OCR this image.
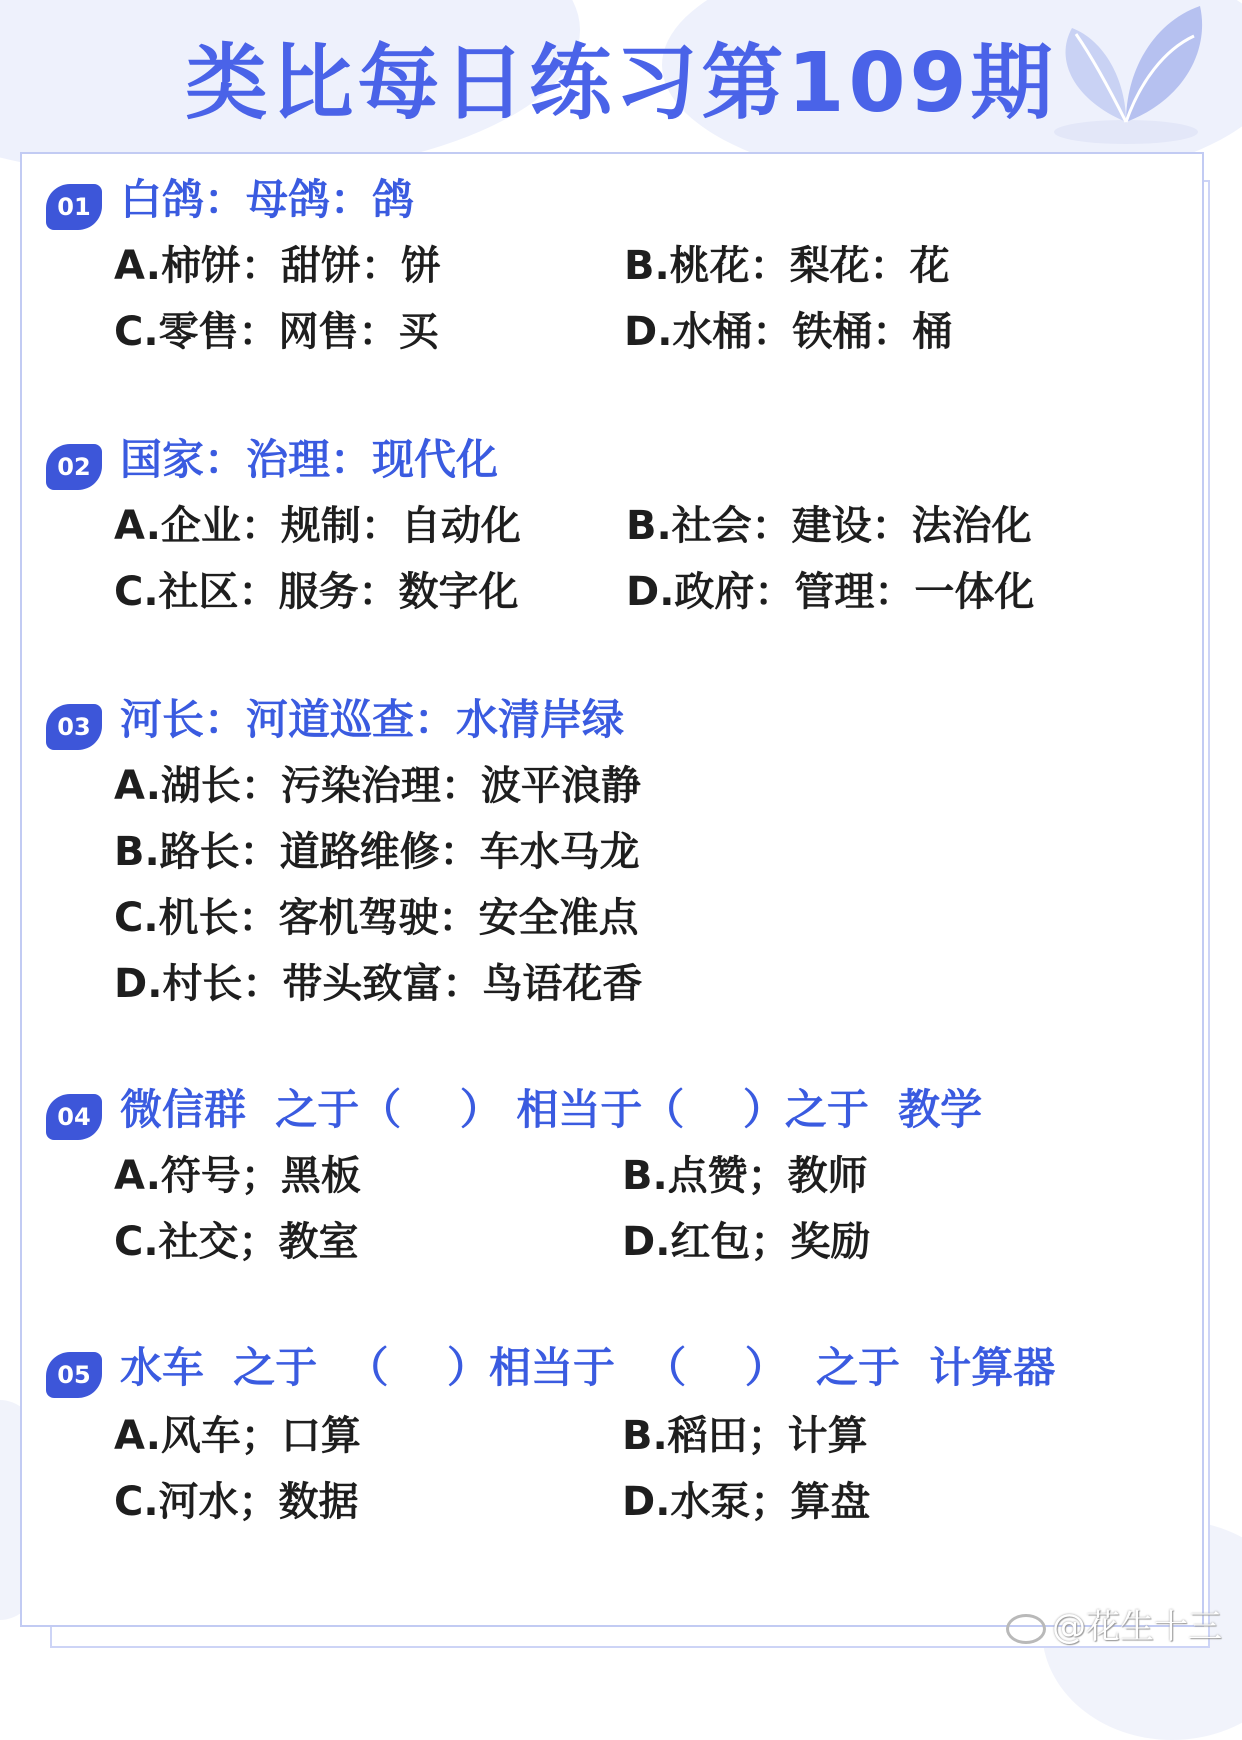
类比每日练习第109期
01 白鸽：母鸽：鸽

A.柿饼：甜饼：饼	B.桃花：梨花：花
C.零售：网售：买	D.水桶：铁桶：桶
02 国家：治理：现代化

A.企业：规制：自动化	B.社会：建设：法治化
C.社区：服务：数字化	D.政府：管理：一体化
03 河长：河道巡查：水清岸绿

A.湖长：污染治理：波平浪静
B.路长：道路维修：车水马龙
C.机长：客机驾驶：安全准点
D.村长：带头致富：鸟语花香
04 微信群  之于（    ） 相当于（    ）之于  教学

A.符号；黑板	B.点赞；教师
C.社交；教室	D.红包；奖励
05 水车  之于  （    ）相当于  （    ）  之于  计算器

A.风车；口算	B.稻田；计算
C.河水；数据	D.水泵；算盘
@花生十三
